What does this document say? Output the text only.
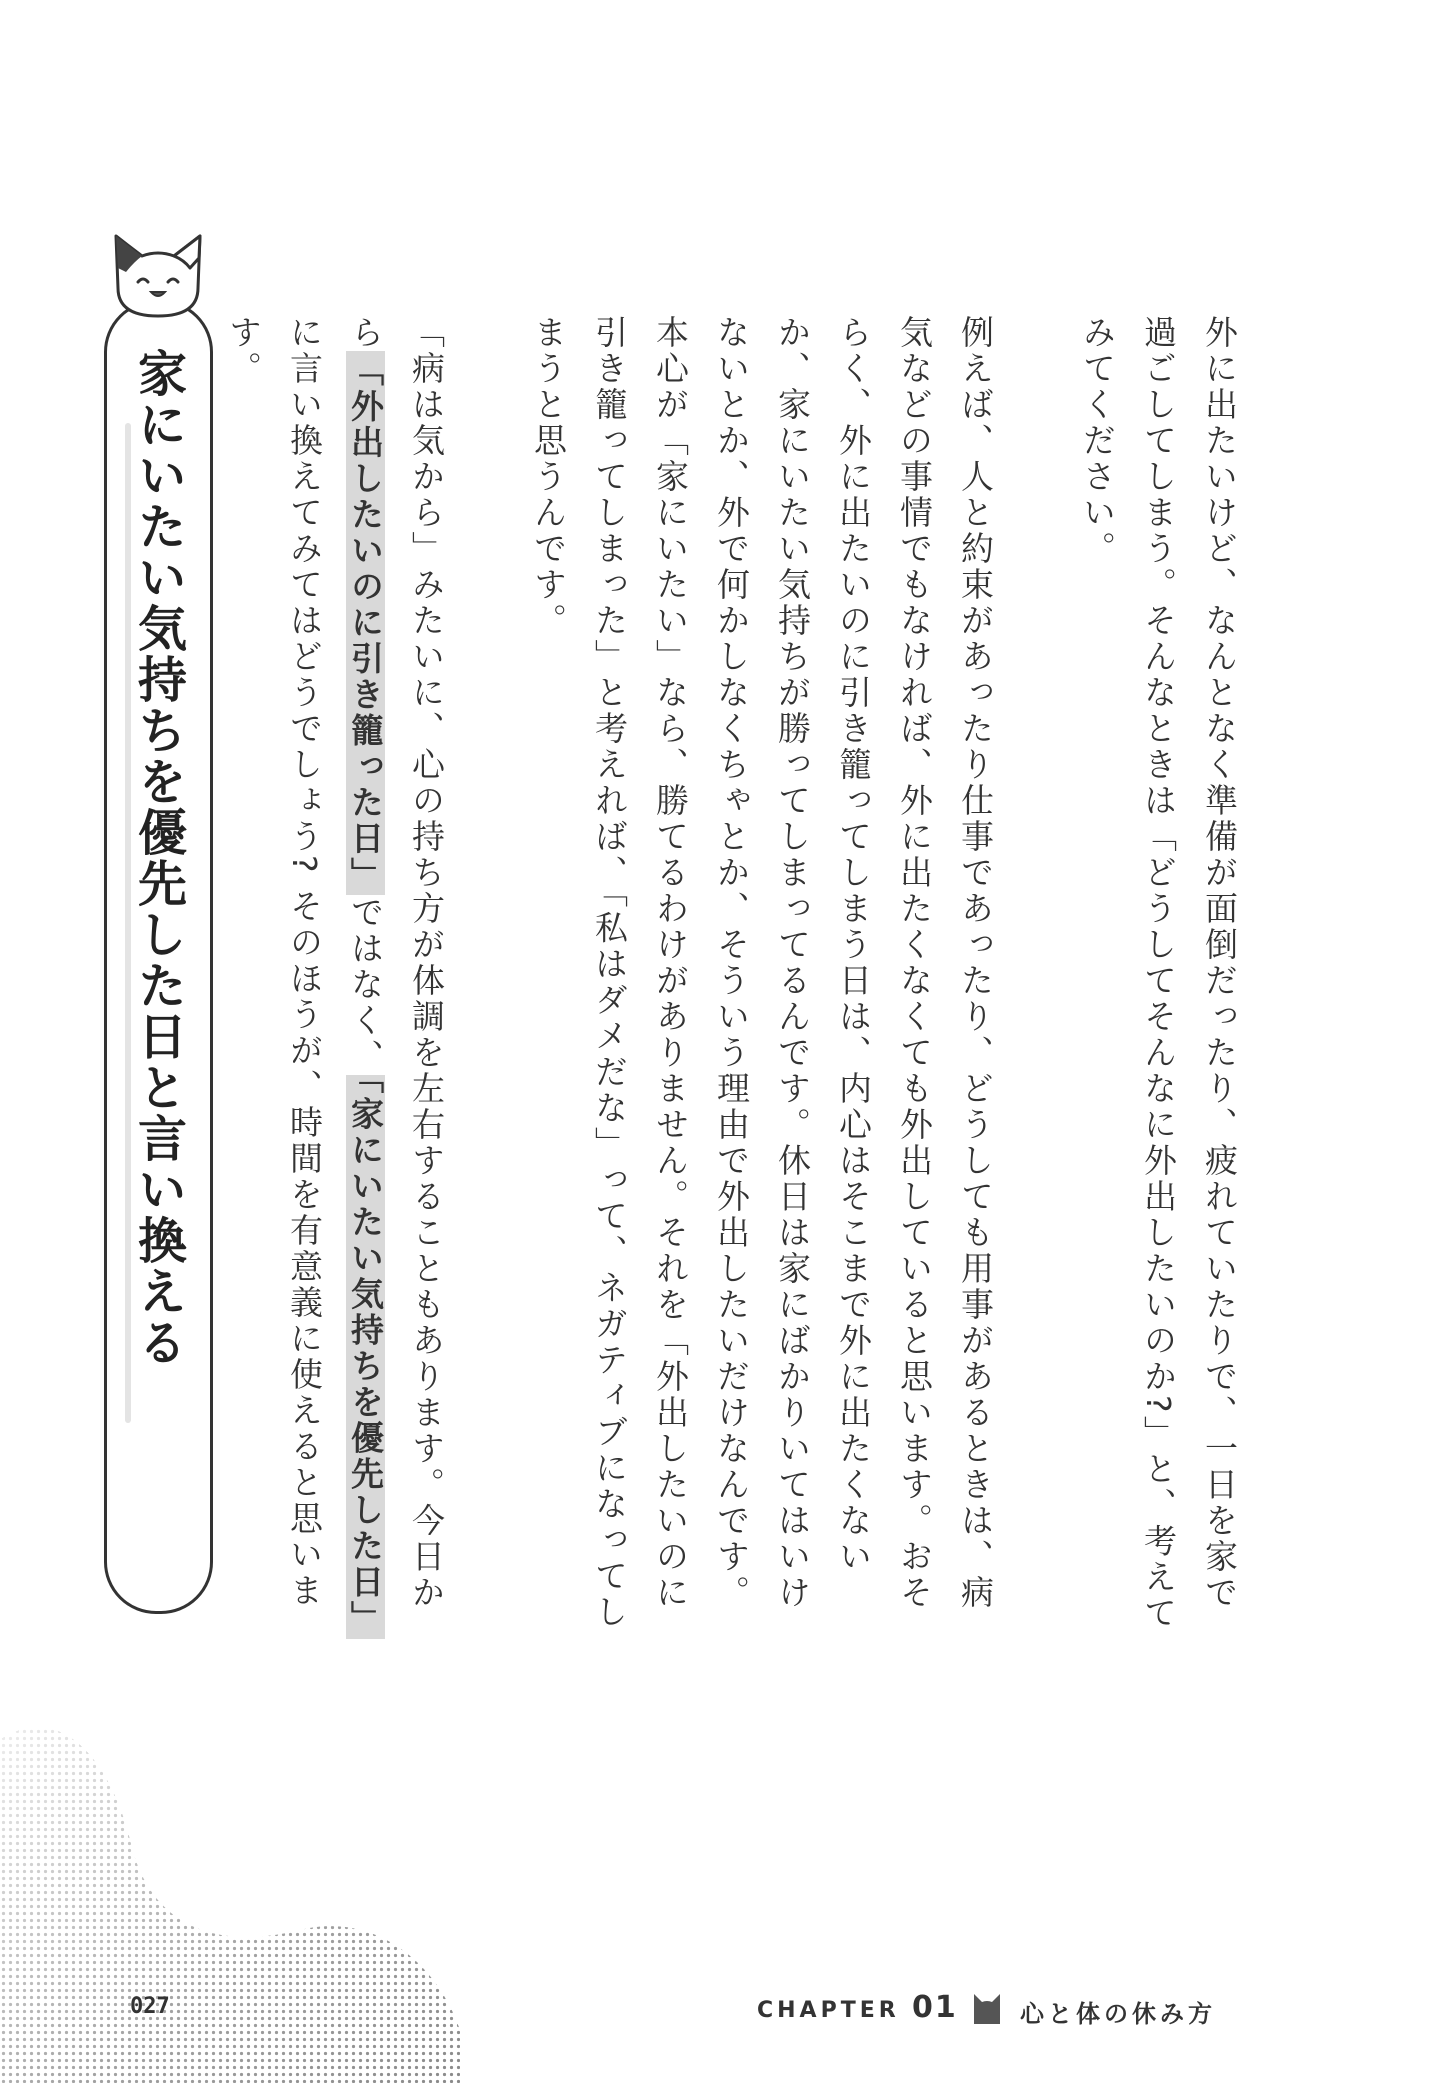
外に出たいけど、なんとなく準備が面倒だったり、疲れていたりで、一日を家で過ごしてしまう。そんなときは「どうしてそんなに外出したいのか?」と、考えてみてください。

例えば、人と約束があったり仕事であったり、どうしても用事があるときは、病気などの事情でもなければ、外に出たくなくても外出していると思います。おそらく、外に出たいのに引き籠ってしまう日は、内心はそこまで外に出たくないか、家にいたい気持ちが勝ってしまってるんです。休日は家にばかりいてはいけないとか、外で何かしなくちゃとか、そういう理由で外出したいだけなんです。本心が「家にいたい」なら、勝てるわけがありません。それを「外出したいのに引き籠ってしまった」と考えれば、「私はダメだな」って、ネガティブになってしまうと思うんです。

「病は気から」みたいに、心の持ち方が体調を左右することもあります。今日から「外出したいのに引き籠った日」ではなく、「家にいたい気持ちを優先した日」に言い換えてみてはどうでしょう? そのほうが、時間を有意義に使えると思います。

家にいたい気持ちを優先した日と言い換える
027	CHAPTER 01	心と体の休み方
